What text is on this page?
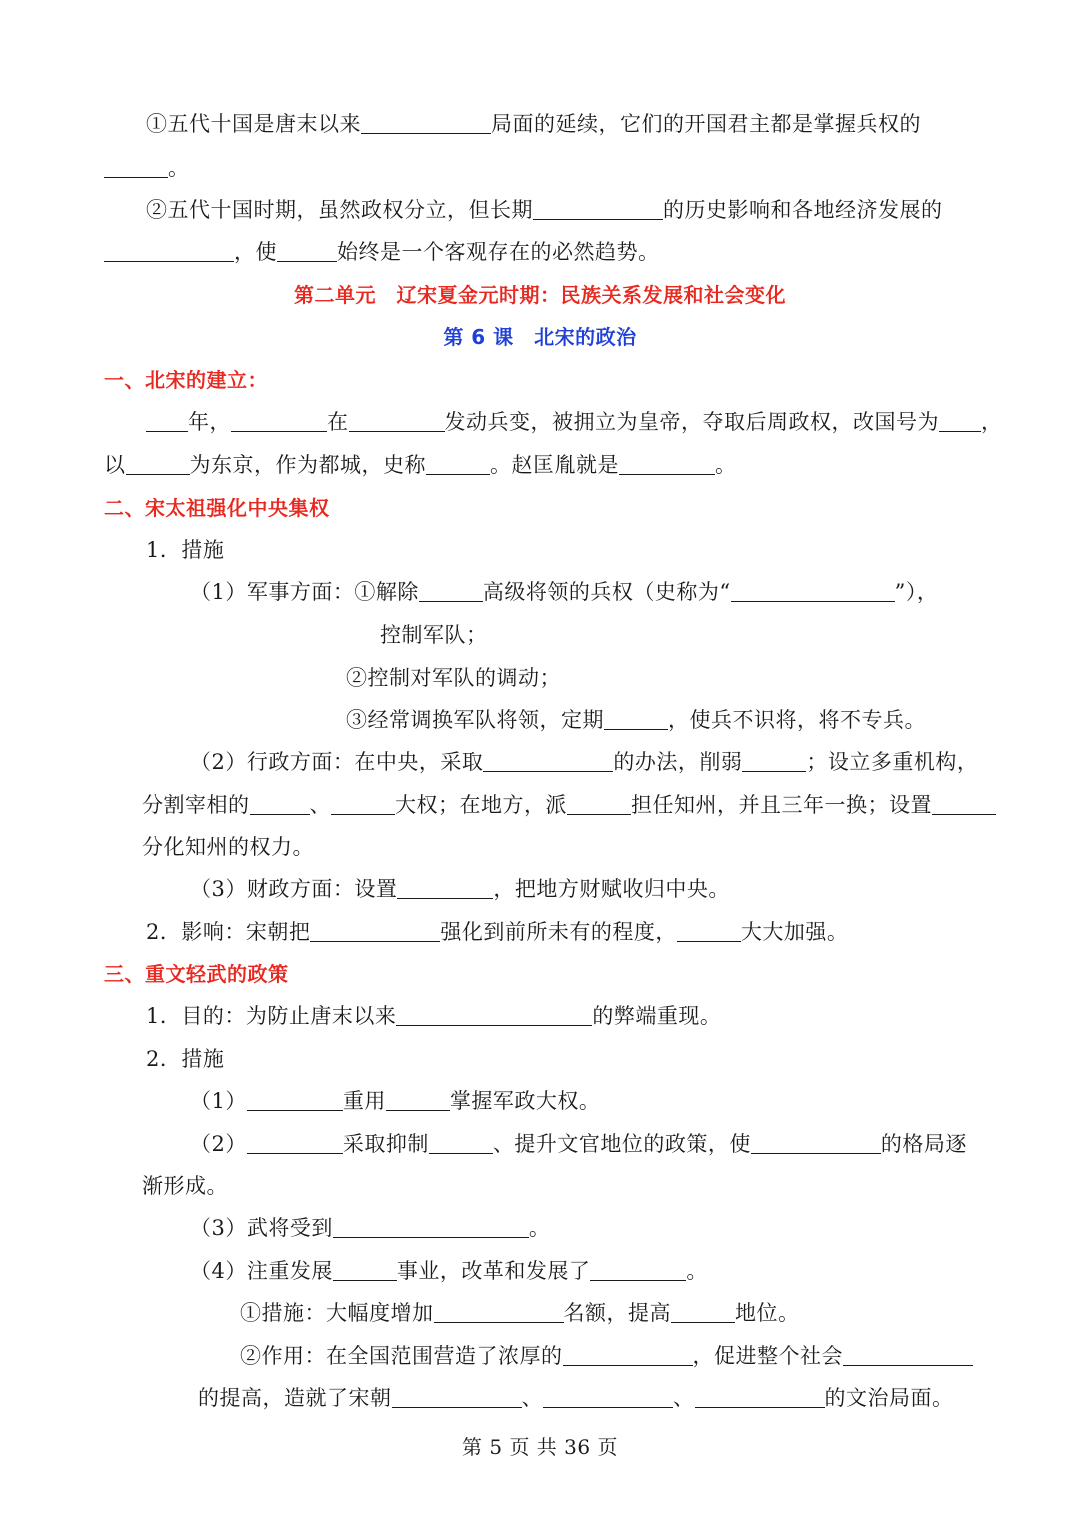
①五代十国是唐末以来	局面的延续，它们的开国君主都是掌握兵权的
。
②五代十国时期，虽然政权分立，但长期	的历史影响和各地经济发展的
，使	始终是一个客观存在的必然趋势。
第二单元　辽宋夏金元时期：民族关系发展和社会变化
第 6 课　北宋的政治
一、北宋的建立：
年，	在	发动兵变，被拥立为皇帝，夺取后周政权，改国号为 ，
以	为东京，作为都城，史称	。赵匡胤就是	。
二、宋太祖强化中央集权
1．措施
（1）军事方面：①解除	高级将领的兵权（史称为“	”），
控制军队；
②控制对军队的调动；
③经常调换军队将领，定期	，使兵不识将，将不专兵。
（2）行政方面：在中央，采取	的办法，削弱	；设立多重机构，
分割宰相的	、	大权；在地方，派	担任知州，并且三年一换；设置
分化知州的权力。
（3）财政方面：设置	，把地方财赋收归中央。
2．影响：宋朝把	强化到前所未有的程度，	大大加强。
三、重文轻武的政策
1．目的：为防止唐末以来	的弊端重现。
2．措施
（1）	重用	掌握军政大权。
（2）	采取抑制	、提升文官地位的政策，使	的格局逐
渐形成。
（3）武将受到	。
（4）注重发展	事业，改革和发展了	。
①措施：大幅度增加	名额，提高	地位。
②作用：在全国范围营造了浓厚的	，促进整个社会
的提高，造就了宋朝	、	、	的文治局面。
第 5 页 共 36 页
